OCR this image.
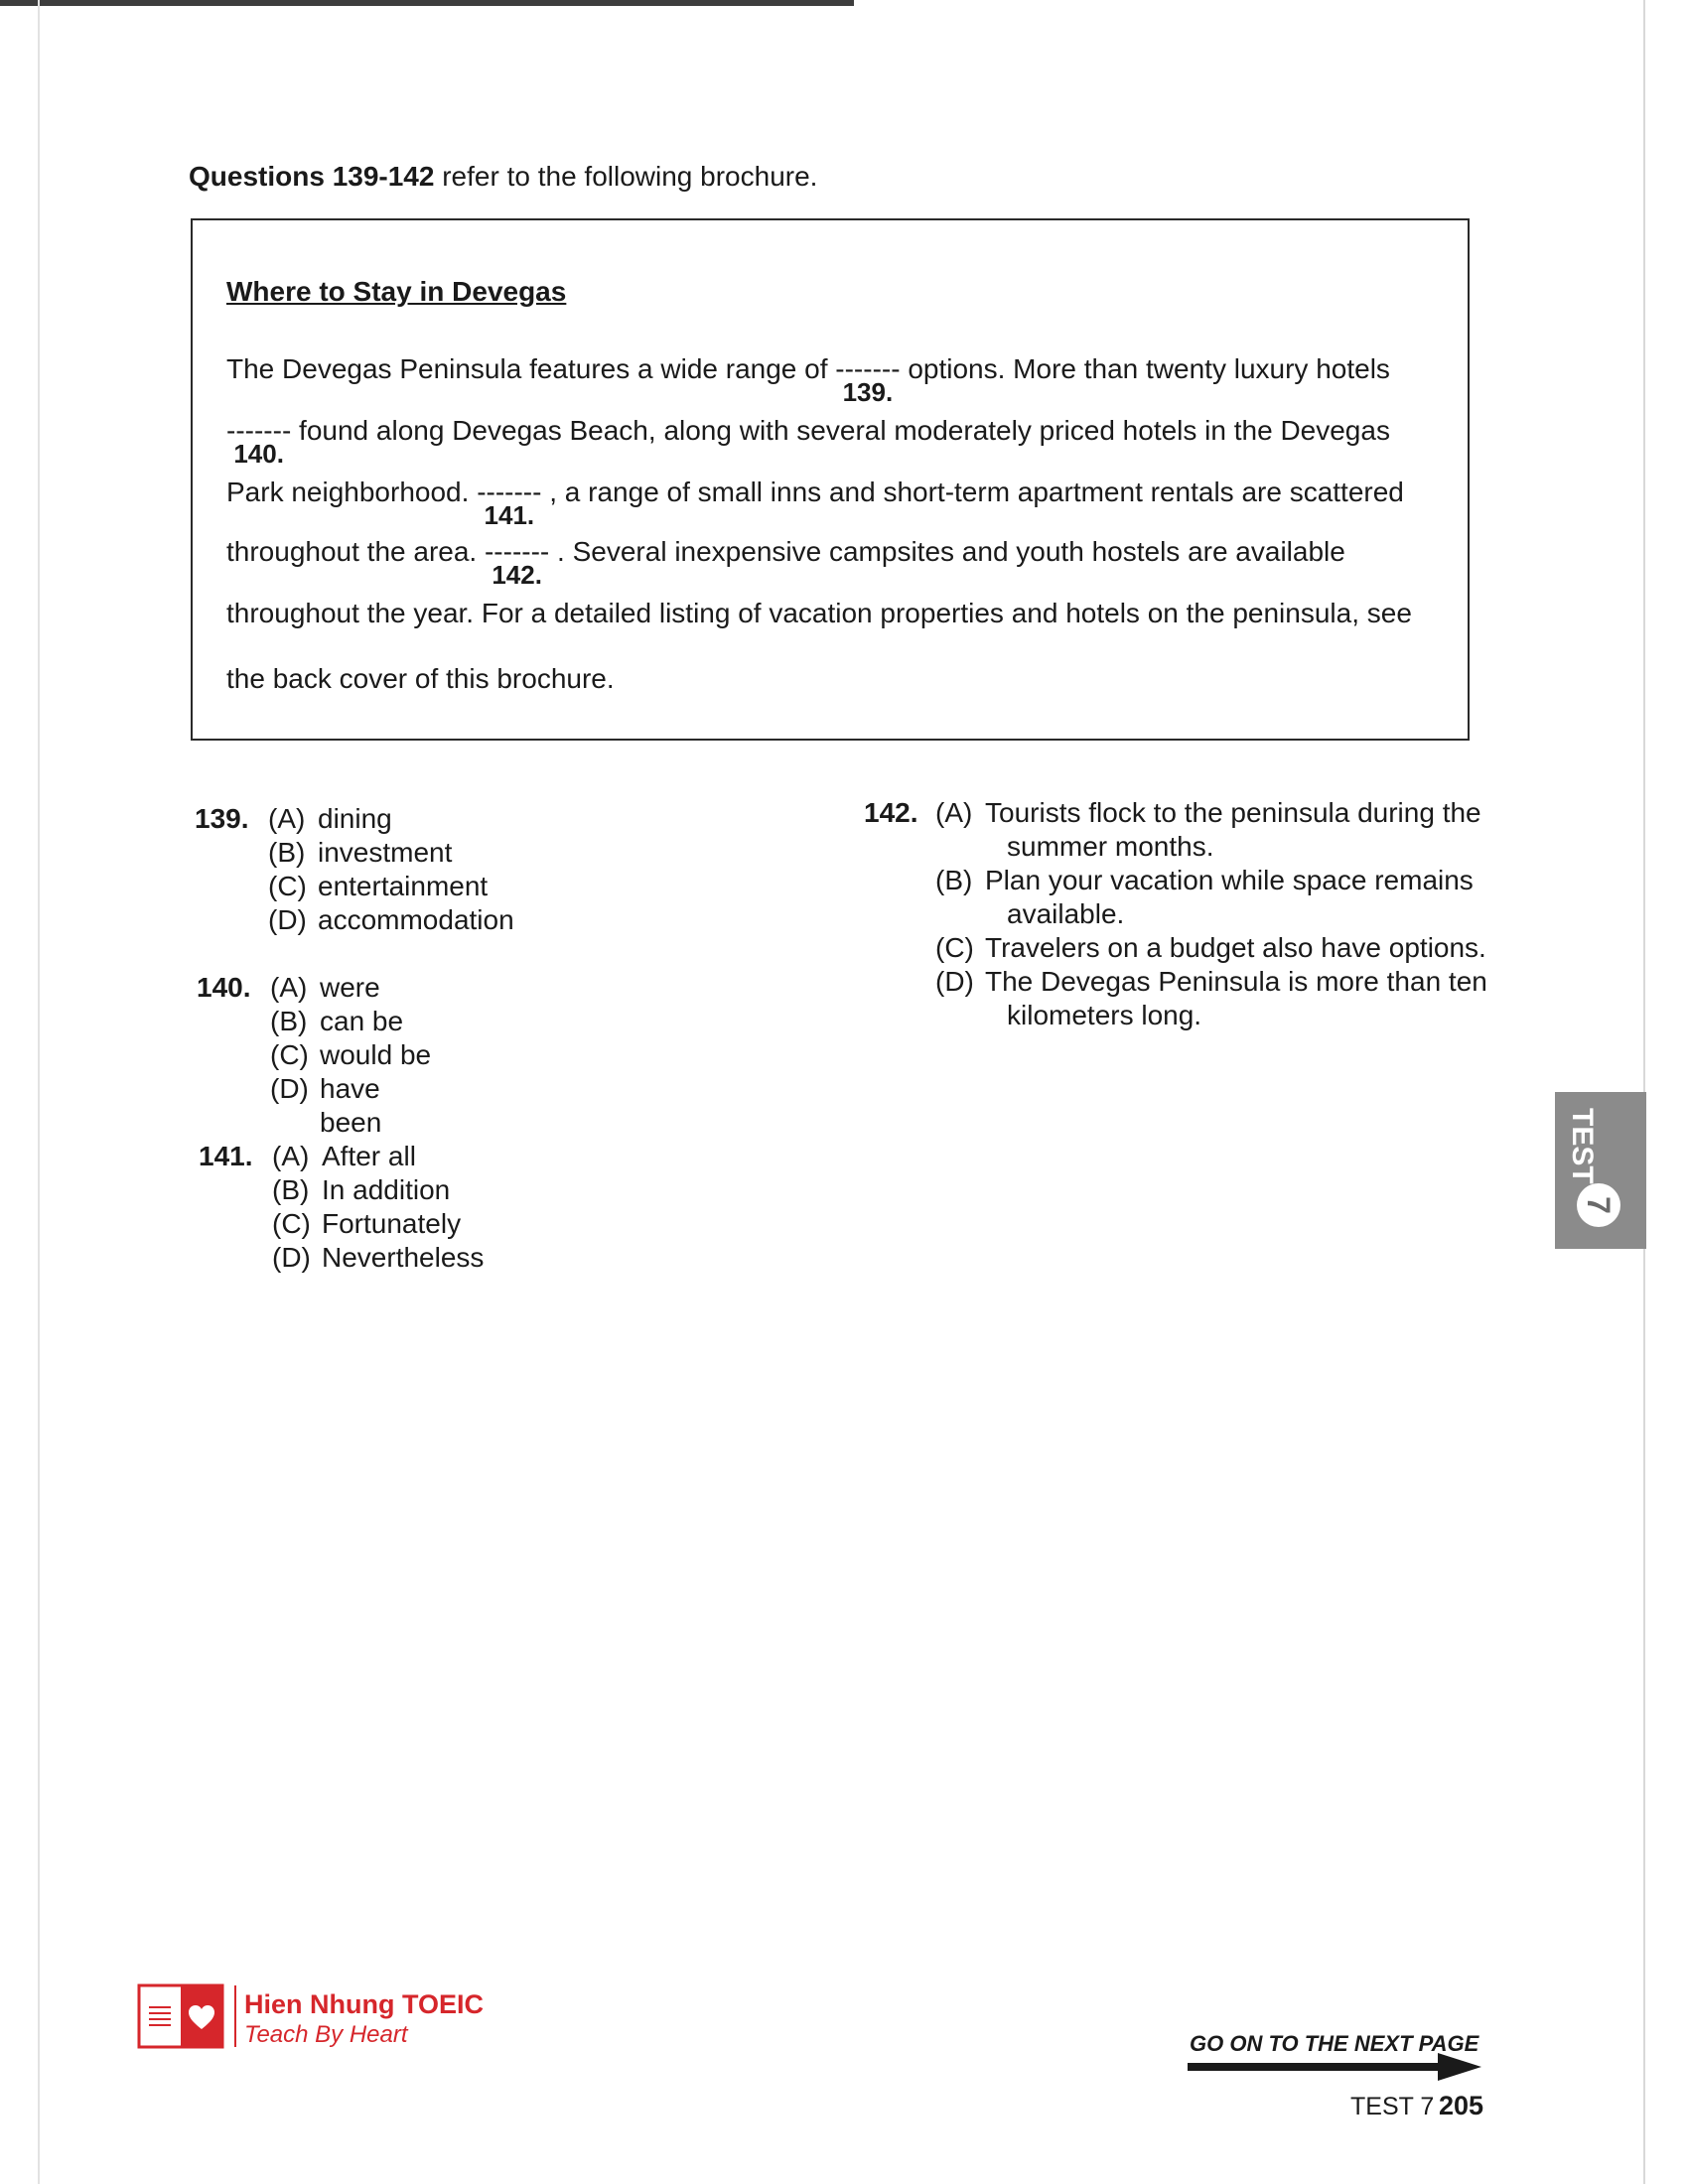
Questions 139-142 refer to the following brochure.
Where to Stay in Devegas
The Devegas Peninsula features a wide range of -------
139.
options. More than twenty luxury hotels
-------
140.
found along Devegas Beach, along with several moderately priced hotels in the Devegas
Park neighborhood. -------
141.
, a range of small inns and short-term apartment rentals are scattered
throughout the area. -------
142.
. Several inexpensive campsites and youth hostels are available
throughout the year. For a detailed listing of vacation properties and hotels on the peninsula, see
the back cover of this brochure.
139. (A) dining
(B) investment
(C) entertainment
(D) accommodation
140. (A) were
(B) can be
(C) would be
(D) have been
141. (A) After all
(B) In addition
(C) Fortunately
(D) Nevertheless
142. (A) Tourists flock to the peninsula during the summer months.
(B) Plan your vacation while space remains available.
(C) Travelers on a budget also have options.
(D) The Devegas Peninsula is more than ten kilometers long.
TEST
7
Hien Nhung TOEIC
Teach By Heart	GO ON TO THE NEXT PAGE
TEST 7 205
